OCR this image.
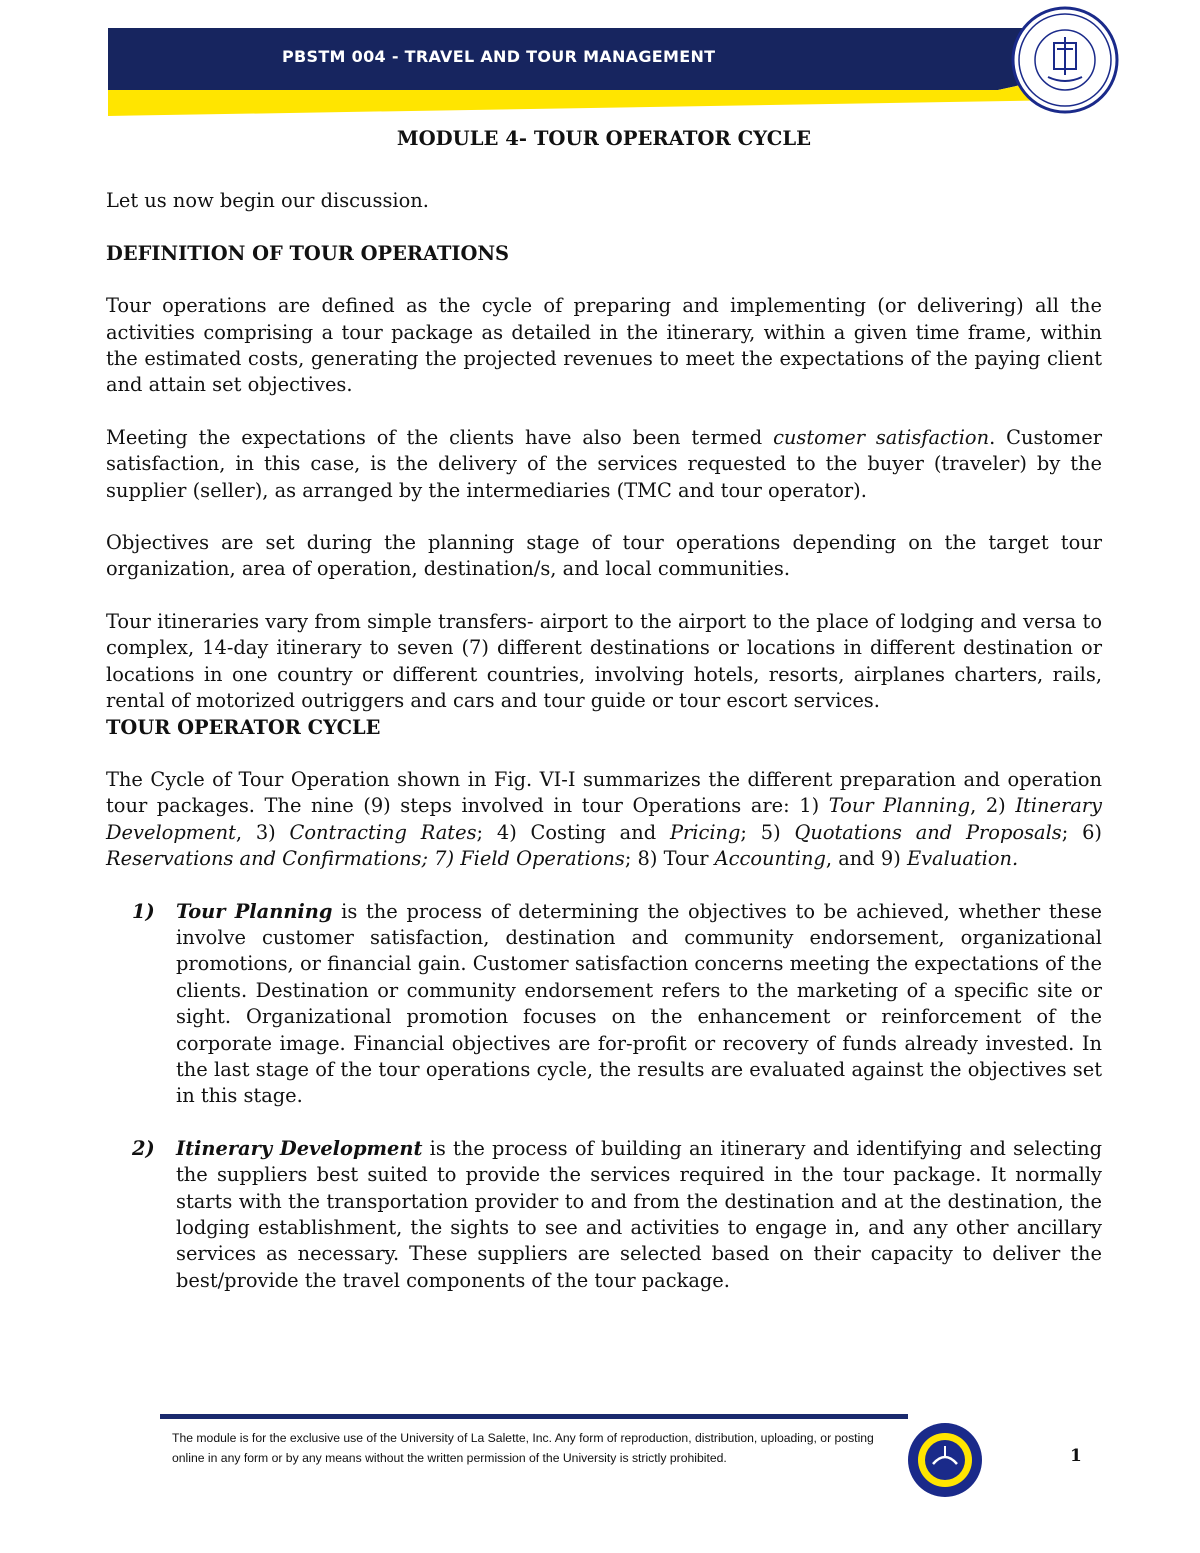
PBSTM 004 - TRAVEL AND TOUR MANAGEMENT
MODULE 4- TOUR OPERATOR CYCLE

Let us now begin our discussion.

DEFINITION OF TOUR OPERATIONS

Tour operations are defined as the cycle of preparing and implementing (or delivering) all the activities comprising a tour package as detailed in the itinerary, within a given time frame, within the estimated costs, generating the projected revenues to meet the expectations of the paying client and attain set objectives.

Meeting the expectations of the clients have also been termed customer satisfaction. Customer satisfaction, in this case, is the delivery of the services requested to the buyer (traveler) by the supplier (seller), as arranged by the intermediaries (TMC and tour operator).

Objectives are set during the planning stage of tour operations depending on the target tour organization, area of operation, destination/s, and local communities.

Tour itineraries vary from simple transfers- airport to the airport to the place of lodging and versa to complex, 14-day itinerary to seven (7) different destinations or locations in different destination or locations in one country or different countries, involving hotels, resorts, airplanes charters, rails, rental of motorized outriggers and cars and tour guide or tour escort services.

TOUR OPERATOR CYCLE

The Cycle of Tour Operation shown in Fig. VI-I summarizes the different preparation and operation tour packages. The nine (9) steps involved in tour Operations are: 1) Tour Planning, 2) Itinerary Development, 3) Contracting Rates; 4) Costing and Pricing; 5) Quotations and Proposals; 6) Reservations and Confirmations; 7) Field Operations; 8) Tour Accounting, and 9) Evaluation.

1) Tour Planning is the process of determining the objectives to be achieved, whether these involve customer satisfaction, destination and community endorsement, organizational promotions, or financial gain. Customer satisfaction concerns meeting the expectations of the clients. Destination or community endorsement refers to the marketing of a specific site or sight. Organizational promotion focuses on the enhancement or reinforcement of the corporate image. Financial objectives are for-profit or recovery of funds already invested. In the last stage of the tour operations cycle, the results are evaluated against the objectives set in this stage.
2) Itinerary Development is the process of building an itinerary and identifying and selecting the suppliers best suited to provide the services required in the tour package. It normally starts with the transportation provider to and from the destination and at the destination, the lodging establishment, the sights to see and activities to engage in, and any other ancillary services as necessary. These suppliers are selected based on their capacity to deliver the best/provide the travel components of the tour package.
The module is for the exclusive use of the University of La Salette, Inc. Any form of reproduction, distribution, uploading, or posting online in any form or by any means without the written permission of the University is strictly prohibited.	1
